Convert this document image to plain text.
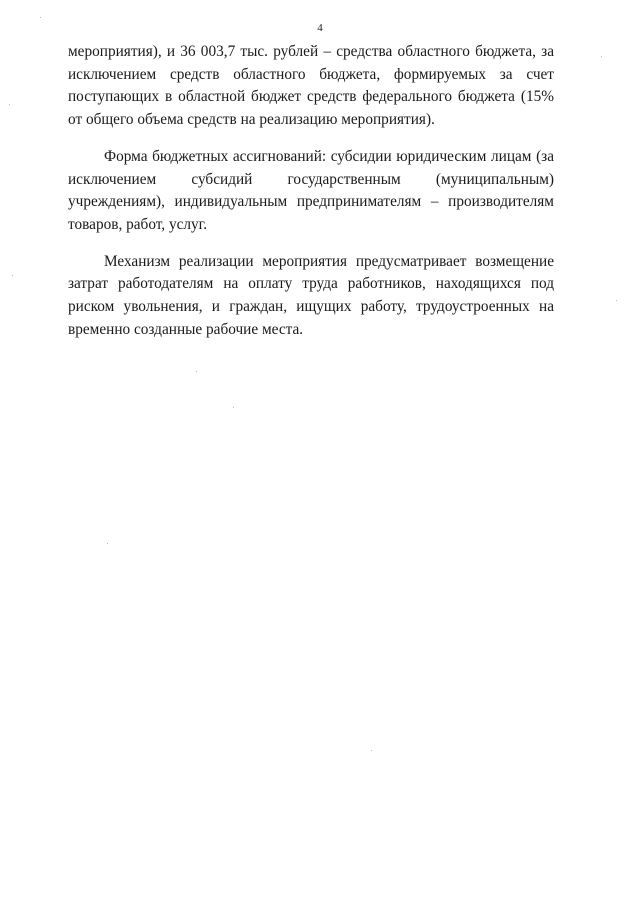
4

мероприятия), и 36 003,7 тыс. рублей – средства областного бюджета, за исключением средств областного бюджета, формируемых за счет поступающих в областной бюджет средств федерального бюджета (15% от общего объема средств на реализацию мероприятия).

Форма бюджетных ассигнований: субсидии юридическим лицам (за исключением субсидий государственным (муниципальным) учреждениям), индивидуальным предпринимателям – производителям товаров, работ, услуг.

Механизм реализации мероприятия предусматривает возмещение затрат работодателям на оплату труда работников, находящихся под риском увольнения, и граждан, ищущих работу, трудоустроенных на временно созданные рабочие места.
